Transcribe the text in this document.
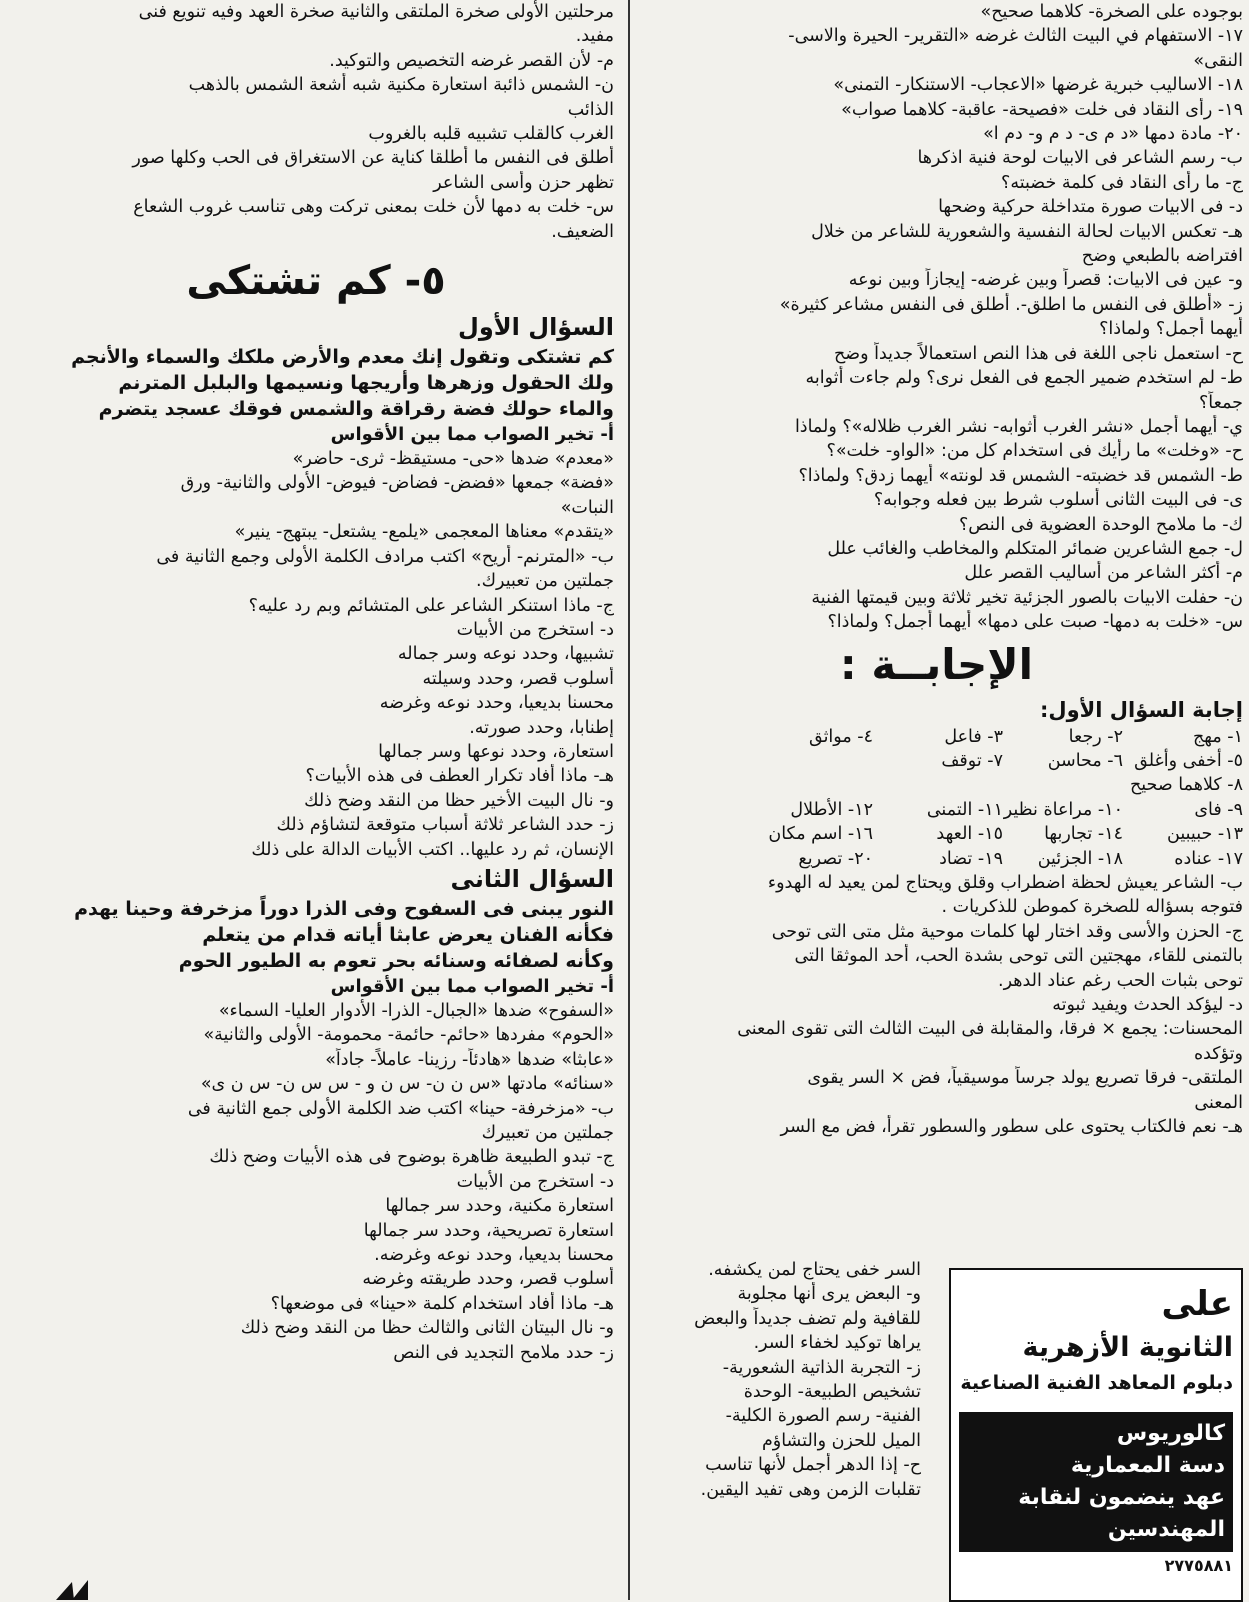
بوجوده على الصخرة- كلاهما صحيح»
١٧- الاستفهام في البيت الثالث غرضه «التقرير- الحيرة والاسى-
النقى»
١٨- الاساليب خبرية غرضها «الاعجاب- الاستنكار- التمنى»
١٩- رأى النقاد فى خلت «فصيحة- عاقبة- كلاهما صواب»
٢٠- مادة دمها «د م ى- د م و- دم ا»
ب- رسم الشاعر فى الابيات لوحة فنية اذكرها
ج- ما رأى النقاد فى كلمة خضبته؟
د- فى الابيات صورة متداخلة حركية وضحها
هـ- تعكس الابيات لحالة النفسية والشعورية للشاعر من خلال
افتراضه بالطبعي وضح
و- عين فى الابيات: قصراً وبين غرضه- إيجازاً وبين نوعه
ز- «أطلق فى النفس ما اطلق-. أطلق فى النفس مشاعر كثيرة»
أيهما أجمل؟ ولماذا؟
ح- استعمل ناجى اللغة فى هذا النص استعمالاً جديداً وضح
ط- لم استخدم ضمير الجمع فى الفعل نرى؟ ولم جاءت أثوابه
جمعاً؟
ي- أيهما أجمل «نشر الغرب أثوابه- نشر الغرب ظلاله»؟ ولماذا
ح- «وخلت» ما رأيك فى استخدام كل من: «الواو- خلت»؟
ط- الشمس قد خضبته- الشمس قد لونته» أيهما زدق؟ ولماذا؟
ى- فى البيت الثانى أسلوب شرط بين فعله وجوابه؟
ك- ما ملامح الوحدة العضوية فى النص؟
ل- جمع الشاعرين ضمائر المتكلم والمخاطب والغائب علل
م- أكثر الشاعر من أساليب القصر علل
ن- حفلت الابيات بالصور الجزئية تخير ثلاثة وبين قيمتها الفنية
س- «خلت به دمها- صبت على دمها» أيهما أجمل؟ ولماذا؟
الإجابــة :
إجابة السؤال الأول:
١- مهج
٢- رجعا
٣- فاعل
٤- مواثق
٥- أخفى وأغلق
٦- محاسن
٧- توقف
٨- كلاهما صحيح
٩- فاى
١٠- مراعاة نظير
١١- التمنى
١٢- الأطلال
١٣- حبيبين
١٤- تجاربها
١٥- العهد
١٦- اسم مكان
١٧- عناده
١٨- الجزئين
١٩- تضاد
٢٠- تصريع
ب- الشاعر يعيش لحظة اضطراب وقلق ويحتاج لمن يعيد له الهدوء
فتوجه بسؤاله للصخرة كموطن للذكريات .
ج- الحزن والأسى وقد اختار لها كلمات موحية مثل متى التى توحى
بالتمنى للقاء، مهجتين التى توحى بشدة الحب، أحد الموثقا التى
توحى بثبات الحب رغم عناد الدهر.
د- ليؤكد الحدث ويفيد ثبوته
المحسنات: يجمع × فرقا، والمقابلة فى البيت الثالث التى تقوى المعنى
وتؤكده
الملتقى- فرقا تصريع يولد جرساً موسيقياً، فض × السر يقوى
المعنى
هـ- نعم فالكتاب يحتوى على سطور والسطور تقرأ، فض مع السر
السر خفى يحتاج لمن يكشفه.
و- البعض يرى أنها مجلوبة
للقافية ولم تضف جديداً والبعض
يراها توكيد لخفاء السر.
ز- التجربة الذاتية الشعورية-
تشخيص الطبيعة- الوحدة
الفنية- رسم الصورة الكلية-
الميل للحزن والتشاؤم
ح- إذا الدهر أجمل لأنها تناسب
تقلبات الزمن وهى تفيد اليقين.
على
الثانوية الأزهرية
دبلوم المعاهد الفنية الصناعية
كالوريوس
دسة المعمارية
عهد ينضمون لنقابة المهندسين
٢٧٧٥٨٨١
مرحلتين الأولى صخرة الملتقى والثانية صخرة العهد وفيه تنويع فنى
مفيد.
م- لأن القصر غرضه التخصيص والتوكيد.
ن- الشمس ذائبة استعارة مكنية شبه أشعة الشمس بالذهب
الذائب
الغرب كالقلب تشبيه قلبه بالغروب
أطلق فى النفس ما أطلقا كناية عن الاستغراق فى الحب وكلها صور
تظهر حزن وأسى الشاعر
س- خلت به دمها لأن خلت بمعنى تركت وهى تناسب غروب الشعاع
الضعيف.
٥- كم تشتكى
السؤال الأول
كم تشتكى وتقول إنك معدم والأرض ملكك والسماء والأنجم
ولك الحقول وزهرها وأريجها ونسيمها والبلبل المترنم
والماء حولك فضة رقراقة والشمس فوقك عسجد يتضرم
أ- تخير الصواب مما بين الأقواس
«معدم» ضدها «حى- مستيقظ- ثرى- حاضر»
«فضة» جمعها «فضض- فضاض- فيوض- الأولى والثانية- ورق
النبات»
«يتقدم» معناها المعجمى «يلمع- يشتعل- يبتهج- ينير»
ب- «المترنم- أريح» اكتب مرادف الكلمة الأولى وجمع الثانية فى
جملتين من تعبيرك.
ج- ماذا استنكر الشاعر على المتشائم وبم رد عليه؟
د- استخرج من الأبيات
تشبيها، وحدد نوعه وسر جماله
أسلوب قصر، وحدد وسيلته
محسنا بديعيا، وحدد نوعه وغرضه
إطنابا، وحدد صورته.
استعارة، وحدد نوعها وسر جمالها
هـ- ماذا أفاد تكرار العطف فى هذه الأبيات؟
و- نال البيت الأخير حظا من النقد وضح ذلك
ز- حدد الشاعر ثلاثة أسباب متوقعة لتشاؤم ذلك
الإنسان، ثم رد عليها.. اكتب الأبيات الدالة على ذلك
السؤال الثانى
النور يبنى فى السفوح وفى الذرا دوراً مزخرفة وحينا يهدم
فكأنه الفنان يعرض عابثا أياته قدام من يتعلم
وكأنه لصفائه وسنائه بحر تعوم به الطيور الحوم
أ- تخير الصواب مما بين الأقواس
«السفوح» ضدها «الجبال- الذرا- الأدوار العليا- السماء»
«الحوم» مفردها «حائم- حائمة- محمومة- الأولى والثانية»
«عابثا» ضدها «هادئاً- رزينا- عاملاً- جاداً»
«سنائه» مادتها «س ن ن- س ن و - س س ن- س ن ى»
ب- «مزخرفة- حينا» اكتب ضد الكلمة الأولى جمع الثانية فى
جملتين من تعبيرك
ج- تبدو الطبيعة ظاهرة بوضوح فى هذه الأبيات وضح ذلك
د- استخرج من الأبيات
استعارة مكنية، وحدد سر جمالها
استعارة تصريحية، وحدد سر جمالها
محسنا بديعيا، وحدد نوعه وغرضه.
أسلوب قصر، وحدد طريقته وغرضه
هـ- ماذا أفاد استخدام كلمة «حينا» فى موضعها؟
و- نال البيتان الثانى والثالث حظا من النقد وضح ذلك
ز- حدد ملامح التجديد فى النص
